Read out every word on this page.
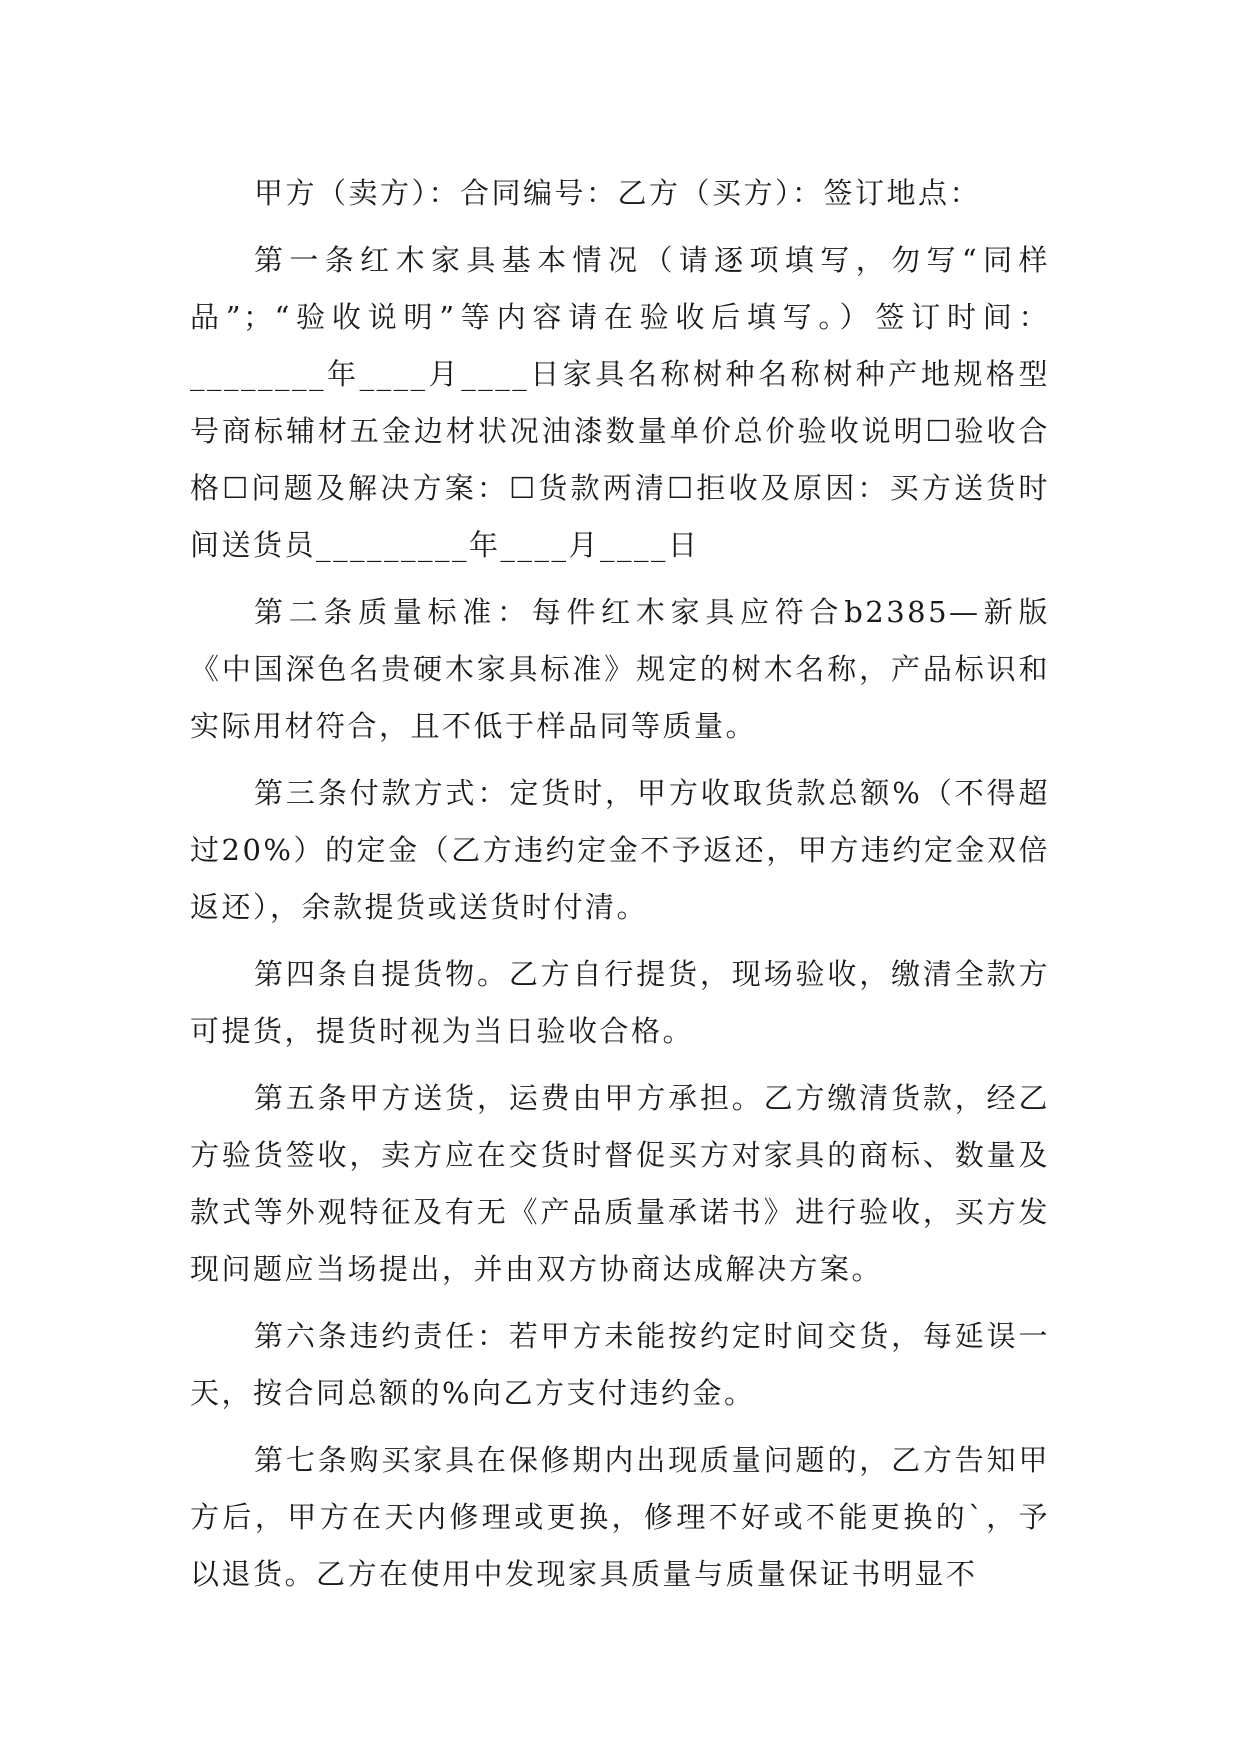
甲方（卖方）：合同编号：乙方（买方）：签订地点：

第一条红木家具基本情况（请逐项填写，勿写“同样品”；“验收说明”等内容请在验收后填写。）签订时间：________年____月____日家具名称树种名称树种产地规格型号商标辅材五金边材状况油漆数量单价总价验收说明☐验收合格☐问题及解决方案：☐货款两清☐拒收及原因：买方送货时间送货员_________年____月____日

第二条质量标准：每件红木家具应符合b2385—新版《中国深色名贵硬木家具标准》规定的树木名称，产品标识和实际用材符合，且不低于样品同等质量。

第三条付款方式：定货时，甲方收取货款总额%（不得超过20%）的定金（乙方违约定金不予返还，甲方违约定金双倍返还），余款提货或送货时付清。

第四条自提货物。乙方自行提货，现场验收，缴清全款方可提货，提货时视为当日验收合格。

第五条甲方送货，运费由甲方承担。乙方缴清货款，经乙方验货签收，卖方应在交货时督促买方对家具的商标、数量及款式等外观特征及有无《产品质量承诺书》进行验收，买方发现问题应当场提出，并由双方协商达成解决方案。

第六条违约责任：若甲方未能按约定时间交货，每延误一天，按合同总额的%向乙方支付违约金。

第七条购买家具在保修期内出现质量问题的，乙方告知甲方后，甲方在天内修理或更换，修理不好或不能更换的`，予以退货。乙方在使用中发现家具质量与质量保证书明显不
